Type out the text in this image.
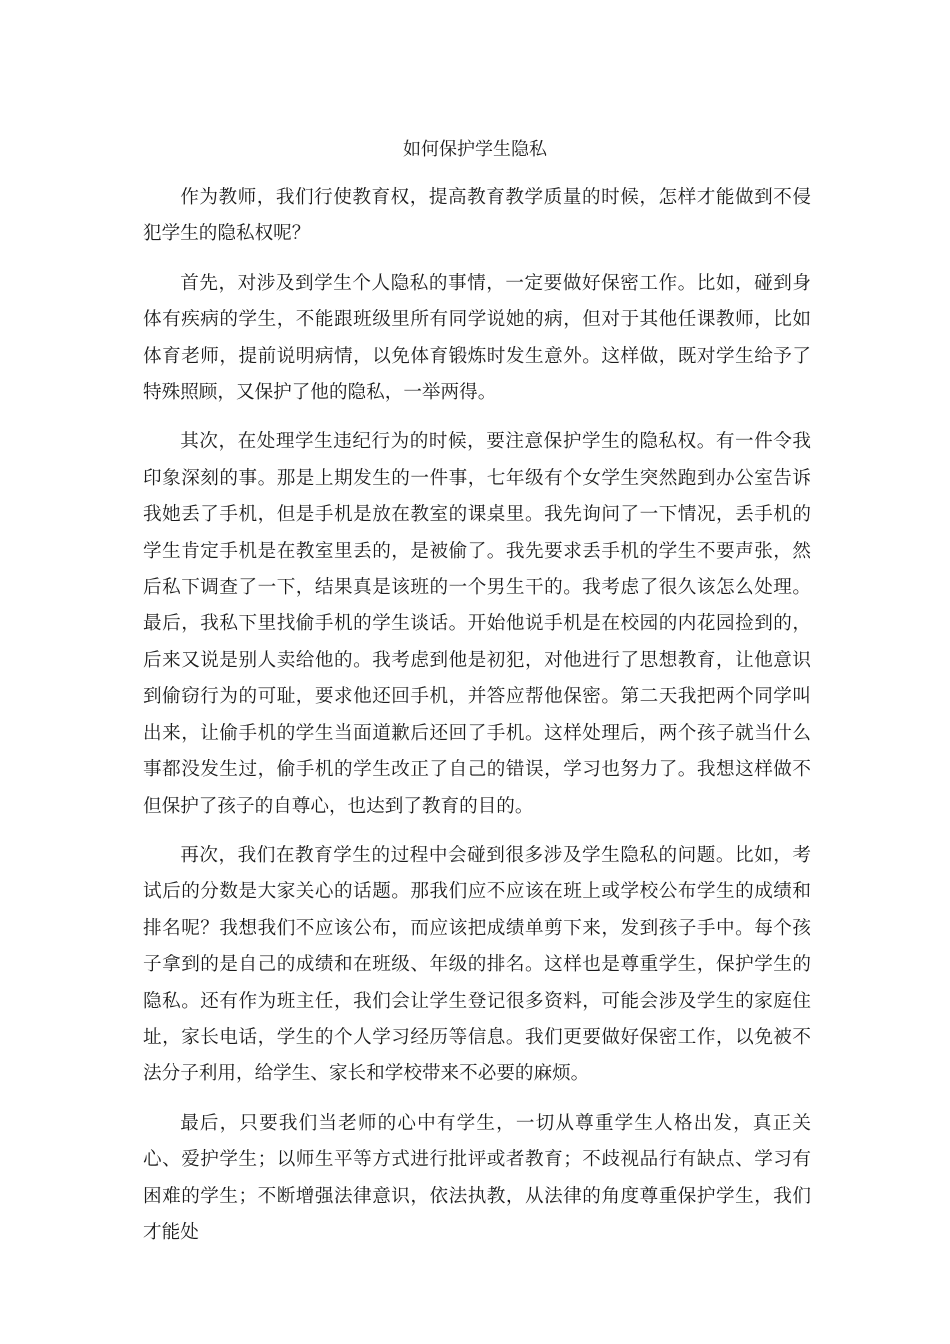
如何保护学生隐私

作为教师，我们行使教育权，提高教育教学质量的时候，怎样才能做到不侵犯学生的隐私权呢？

首先，对涉及到学生个人隐私的事情，一定要做好保密工作。比如，碰到身体有疾病的学生，不能跟班级里所有同学说她的病，但对于其他任课教师，比如体育老师，提前说明病情，以免体育锻炼时发生意外。这样做，既对学生给予了特殊照顾，又保护了他的隐私，一举两得。

其次，在处理学生违纪行为的时候，要注意保护学生的隐私权。有一件令我印象深刻的事。那是上期发生的一件事，七年级有个女学生突然跑到办公室告诉我她丢了手机，但是手机是放在教室的课桌里。我先询问了一下情况，丢手机的学生肯定手机是在教室里丢的，是被偷了。我先要求丢手机的学生不要声张，然后私下调查了一下，结果真是该班的一个男生干的。我考虑了很久该怎么处理。最后，我私下里找偷手机的学生谈话。开始他说手机是在校园的内花园捡到的，后来又说是别人卖给他的。我考虑到他是初犯，对他进行了思想教育，让他意识到偷窃行为的可耻，要求他还回手机，并答应帮他保密。第二天我把两个同学叫出来，让偷手机的学生当面道歉后还回了手机。这样处理后，两个孩子就当什么事都没发生过，偷手机的学生改正了自己的错误，学习也努力了。我想这样做不但保护了孩子的自尊心，也达到了教育的目的。

再次，我们在教育学生的过程中会碰到很多涉及学生隐私的问题。比如，考试后的分数是大家关心的话题。那我们应不应该在班上或学校公布学生的成绩和排名呢？我想我们不应该公布，而应该把成绩单剪下来，发到孩子手中。每个孩子拿到的是自己的成绩和在班级、年级的排名。这样也是尊重学生，保护学生的隐私。还有作为班主任，我们会让学生登记很多资料，可能会涉及学生的家庭住址，家长电话，学生的个人学习经历等信息。我们更要做好保密工作，以免被不法分子利用，给学生、家长和学校带来不必要的麻烦。

最后，只要我们当老师的心中有学生，一切从尊重学生人格出发，真正关心、爱护学生；以师生平等方式进行批评或者教育；不歧视品行有缺点、学习有困难的学生；不断增强法律意识，依法执教，从法律的角度尊重保护学生，我们才能处
